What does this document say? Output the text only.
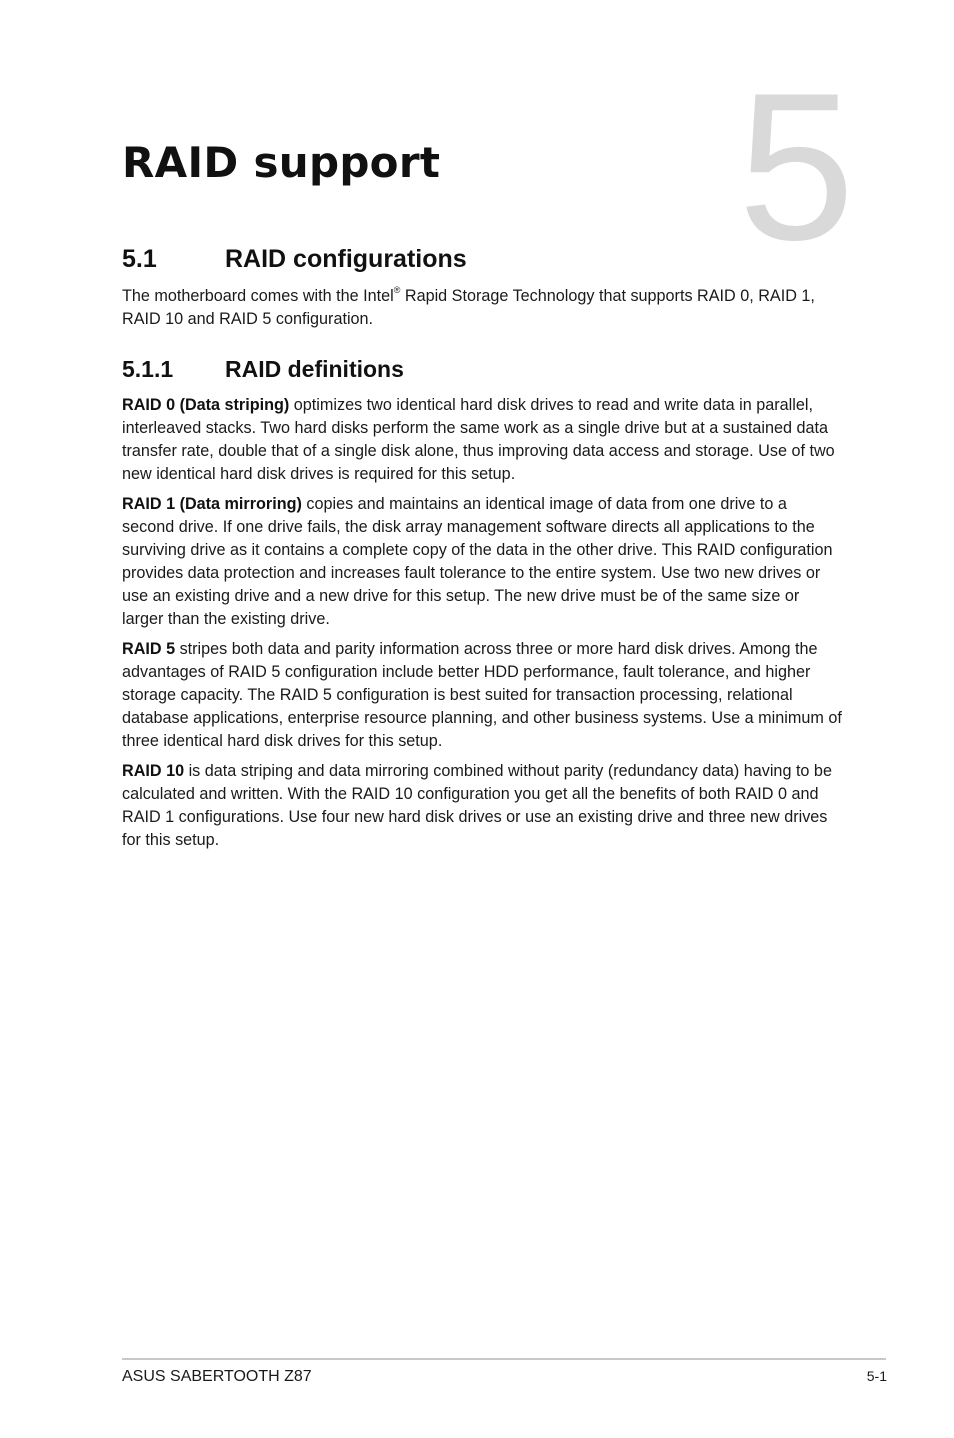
5
RAID support
5.1	RAID configurations

The motherboard comes with the Intel® Rapid Storage Technology that supports RAID 0, RAID 1, RAID 10 and RAID 5 configuration.

5.1.1	RAID definitions

RAID 0 (Data striping) optimizes two identical hard disk drives to read and write data in parallel, interleaved stacks. Two hard disks perform the same work as a single drive but at a sustained data transfer rate, double that of a single disk alone, thus improving data access and storage. Use of two new identical hard disk drives is required for this setup.

RAID 1 (Data mirroring) copies and maintains an identical image of data from one drive to a second drive. If one drive fails, the disk array management software directs all applications to the surviving drive as it contains a complete copy of the data in the other drive. This RAID configuration provides data protection and increases fault tolerance to the entire system. Use two new drives or use an existing drive and a new drive for this setup. The new drive must be of the same size or larger than the existing drive.

RAID 5 stripes both data and parity information across three or more hard disk drives. Among the advantages of RAID 5 configuration include better HDD performance, fault tolerance, and higher storage capacity. The RAID 5 configuration is best suited for transaction processing, relational database applications, enterprise resource planning, and other business systems. Use a minimum of three identical hard disk drives for this setup.

RAID 10 is data striping and data mirroring combined without parity (redundancy data) having to be calculated and written. With the RAID 10 configuration you get all the benefits of both RAID 0 and RAID 1 configurations. Use four new hard disk drives or use an existing drive and three new drives for this setup.

ASUS SABERTOOTH Z87	5-1
